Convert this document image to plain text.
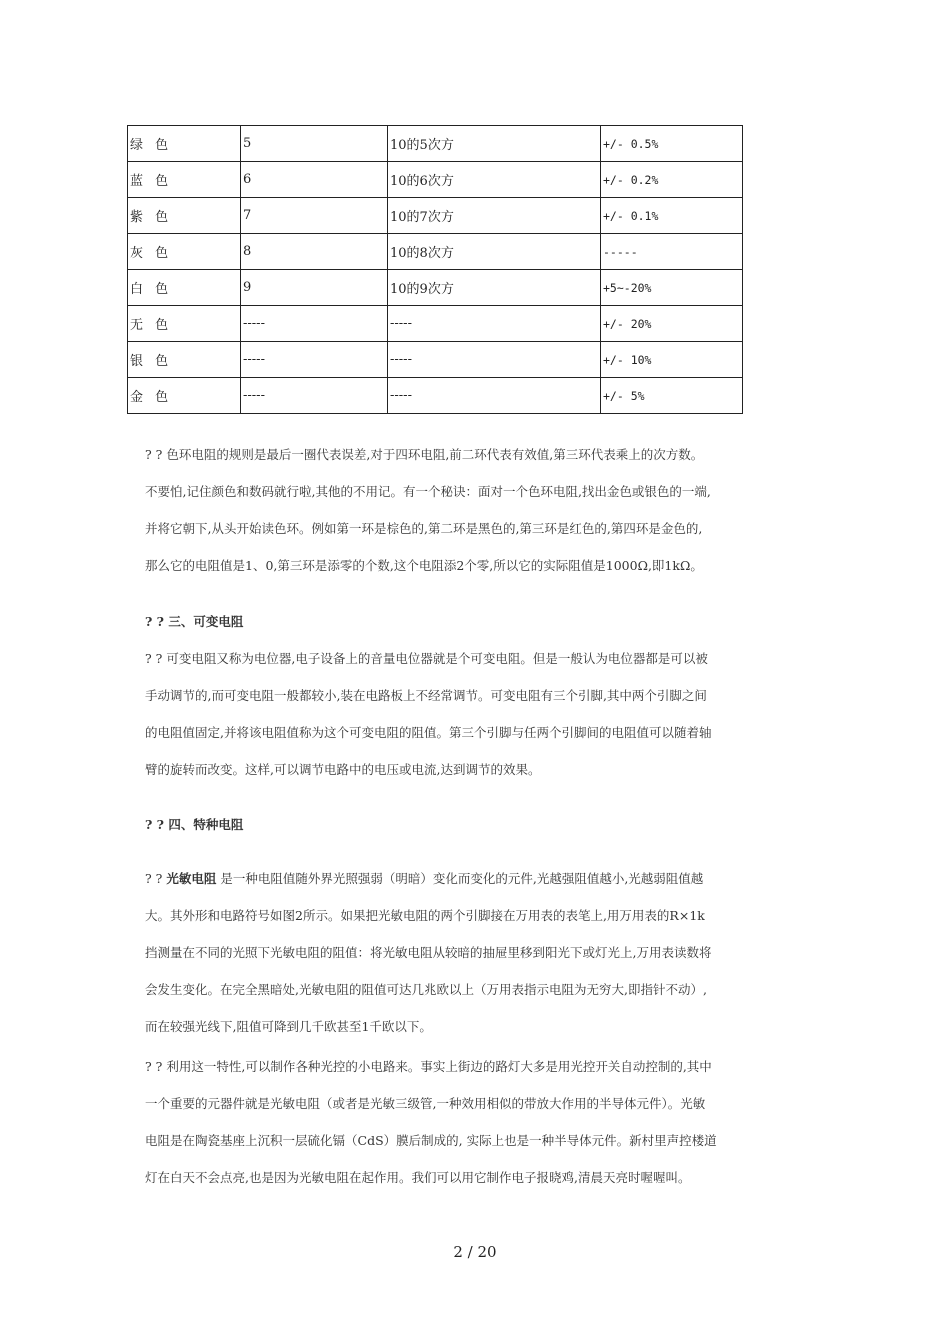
绿 色	5	10的5次方	+/- 0.5%
蓝 色	6	10的6次方	+/- 0.2%
紫 色	7	10的7次方	+/- 0.1%
灰 色	8	10的8次方	-----
白 色	9	10的9次方	+5~-20%
无 色	-----	-----	+/- 20%
银 色	-----	-----	+/- 10%
金 色	-----	-----	+/- 5%
? ? 色环电阻的规则是最后一圈代表误差,对于四环电阻,前二环代表有效值,第三环代表乘上的次方数。
不要怕,记住颜色和数码就行啦,其他的不用记。有一个秘诀：面对一个色环电阻,找出金色或银色的一端,
并将它朝下,从头开始读色环。例如第一环是棕色的,第二环是黑色的,第三环是红色的,第四环是金色的,
那么它的电阻值是1、0,第三环是添零的个数,这个电阻添2个零,所以它的实际阻值是1000Ω,即1kΩ。
? ? 三、可变电阻
? ? 可变电阻又称为电位器,电子设备上的音量电位器就是个可变电阻。但是一般认为电位器都是可以被
手动调节的,而可变电阻一般都较小,装在电路板上不经常调节。可变电阻有三个引脚,其中两个引脚之间
的电阻值固定,并将该电阻值称为这个可变电阻的阻值。第三个引脚与任两个引脚间的电阻值可以随着轴
臂的旋转而改变。这样,可以调节电路中的电压或电流,达到调节的效果。
? ? 四、特种电阻
? ? 光敏电阻 是一种电阻值随外界光照强弱（明暗）变化而变化的元件,光越强阻值越小,光越弱阻值越
大。其外形和电路符号如图2所示。如果把光敏电阻的两个引脚接在万用表的表笔上,用万用表的R×1k
挡测量在不同的光照下光敏电阻的阻值：将光敏电阻从较暗的抽屉里移到阳光下或灯光上,万用表读数将
会发生变化。在完全黑暗处,光敏电阻的阻值可达几兆欧以上（万用表指示电阻为无穷大,即指针不动）,
而在较强光线下,阻值可降到几千欧甚至1千欧以下。
? ? 利用这一特性,可以制作各种光控的小电路来。事实上街边的路灯大多是用光控开关自动控制的,其中
一个重要的元器件就是光敏电阻（或者是光敏三级管,一种效用相似的带放大作用的半导体元件）。光敏
电阻是在陶瓷基座上沉积一层硫化镉（CdS）膜后制成的, 实际上也是一种半导体元件。新村里声控楼道
灯在白天不会点亮,也是因为光敏电阻在起作用。我们可以用它制作电子报晓鸡,清晨天亮时喔喔叫。
2 / 20
